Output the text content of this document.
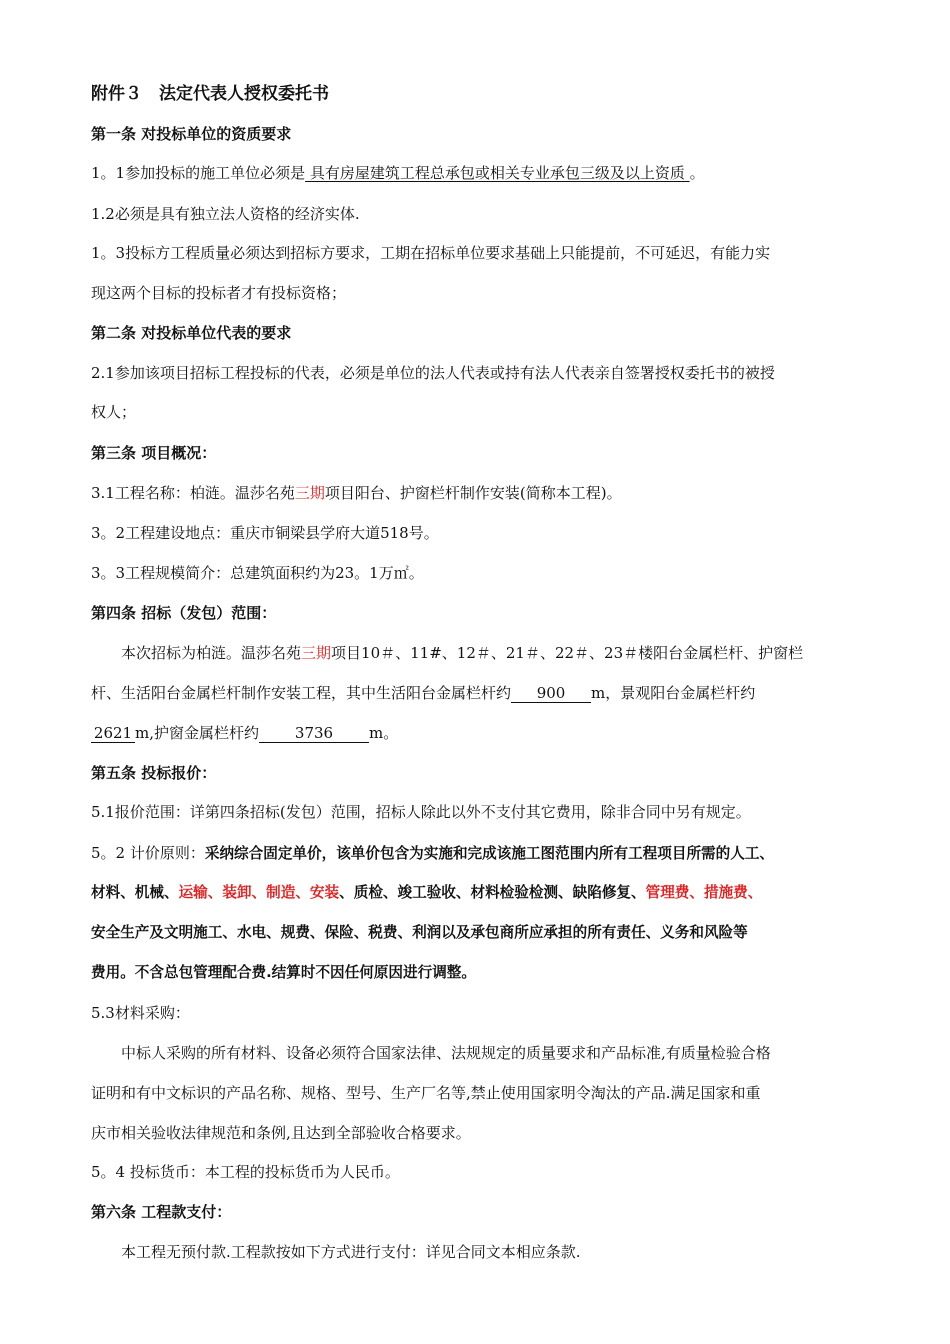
附件３　法定代表人授权委托书
第一条 对投标单位的资质要求
1。1参加投标的施工单位必须是 具有房屋建筑工程总承包或相关专业承包三级及以上资质 。
1.2必须是具有独立法人资格的经济实体.
1。3投标方工程质量必须达到招标方要求，工期在招标单位要求基础上只能提前，不可延迟，有能力实
现这两个目标的投标者才有投标资格；
第二条 对投标单位代表的要求
2.1参加该项目招标工程投标的代表，必须是单位的法人代表或持有法人代表亲自签署授权委托书的被授
权人；
第三条 项目概况：
3.1工程名称：柏涟。温莎名苑三期项目阳台、护窗栏杆制作安装(简称本工程)。
3。2工程建设地点：重庆市铜梁县学府大道518号。
3。3工程规模简介：总建筑面积约为23。1万㎡。
第四条 招标（发包）范围：
本次招标为柏涟。温莎名苑三期项目10＃、11#、12＃、21＃、22＃、23＃楼阳台金属栏杆、护窗栏
杆、生活阳台金属栏杆制作安装工程，其中生活阳台金属栏杆约 900 m，景观阳台金属栏杆约
2621 m,护窗金属栏杆约 3736 m。
第五条 投标报价：
5.1报价范围：详第四条招标(发包）范围，招标人除此以外不支付其它费用，除非合同中另有规定。
5。2 计价原则：采纳综合固定单价，该单价包含为实施和完成该施工图范围内所有工程项目所需的人工、
材料、机械、运输、装卸、制造、安装、质检、竣工验收、材料检验检测、缺陷修复、管理费、措施费、
安全生产及文明施工、水电、规费、保险、税费、利润以及承包商所应承担的所有责任、义务和风险等
费用。不含总包管理配合费.结算时不因任何原因进行调整。
5.3材料采购：
中标人采购的所有材料、设备必须符合国家法律、法规规定的质量要求和产品标准,有质量检验合格
证明和有中文标识的产品名称、规格、型号、生产厂名等,禁止使用国家明令淘汰的产品.满足国家和重
庆市相关验收法律规范和条例,且达到全部验收合格要求。
5。4 投标货币：本工程的投标货币为人民币。
第六条 工程款支付：
本工程无预付款.工程款按如下方式进行支付：详见合同文本相应条款.
